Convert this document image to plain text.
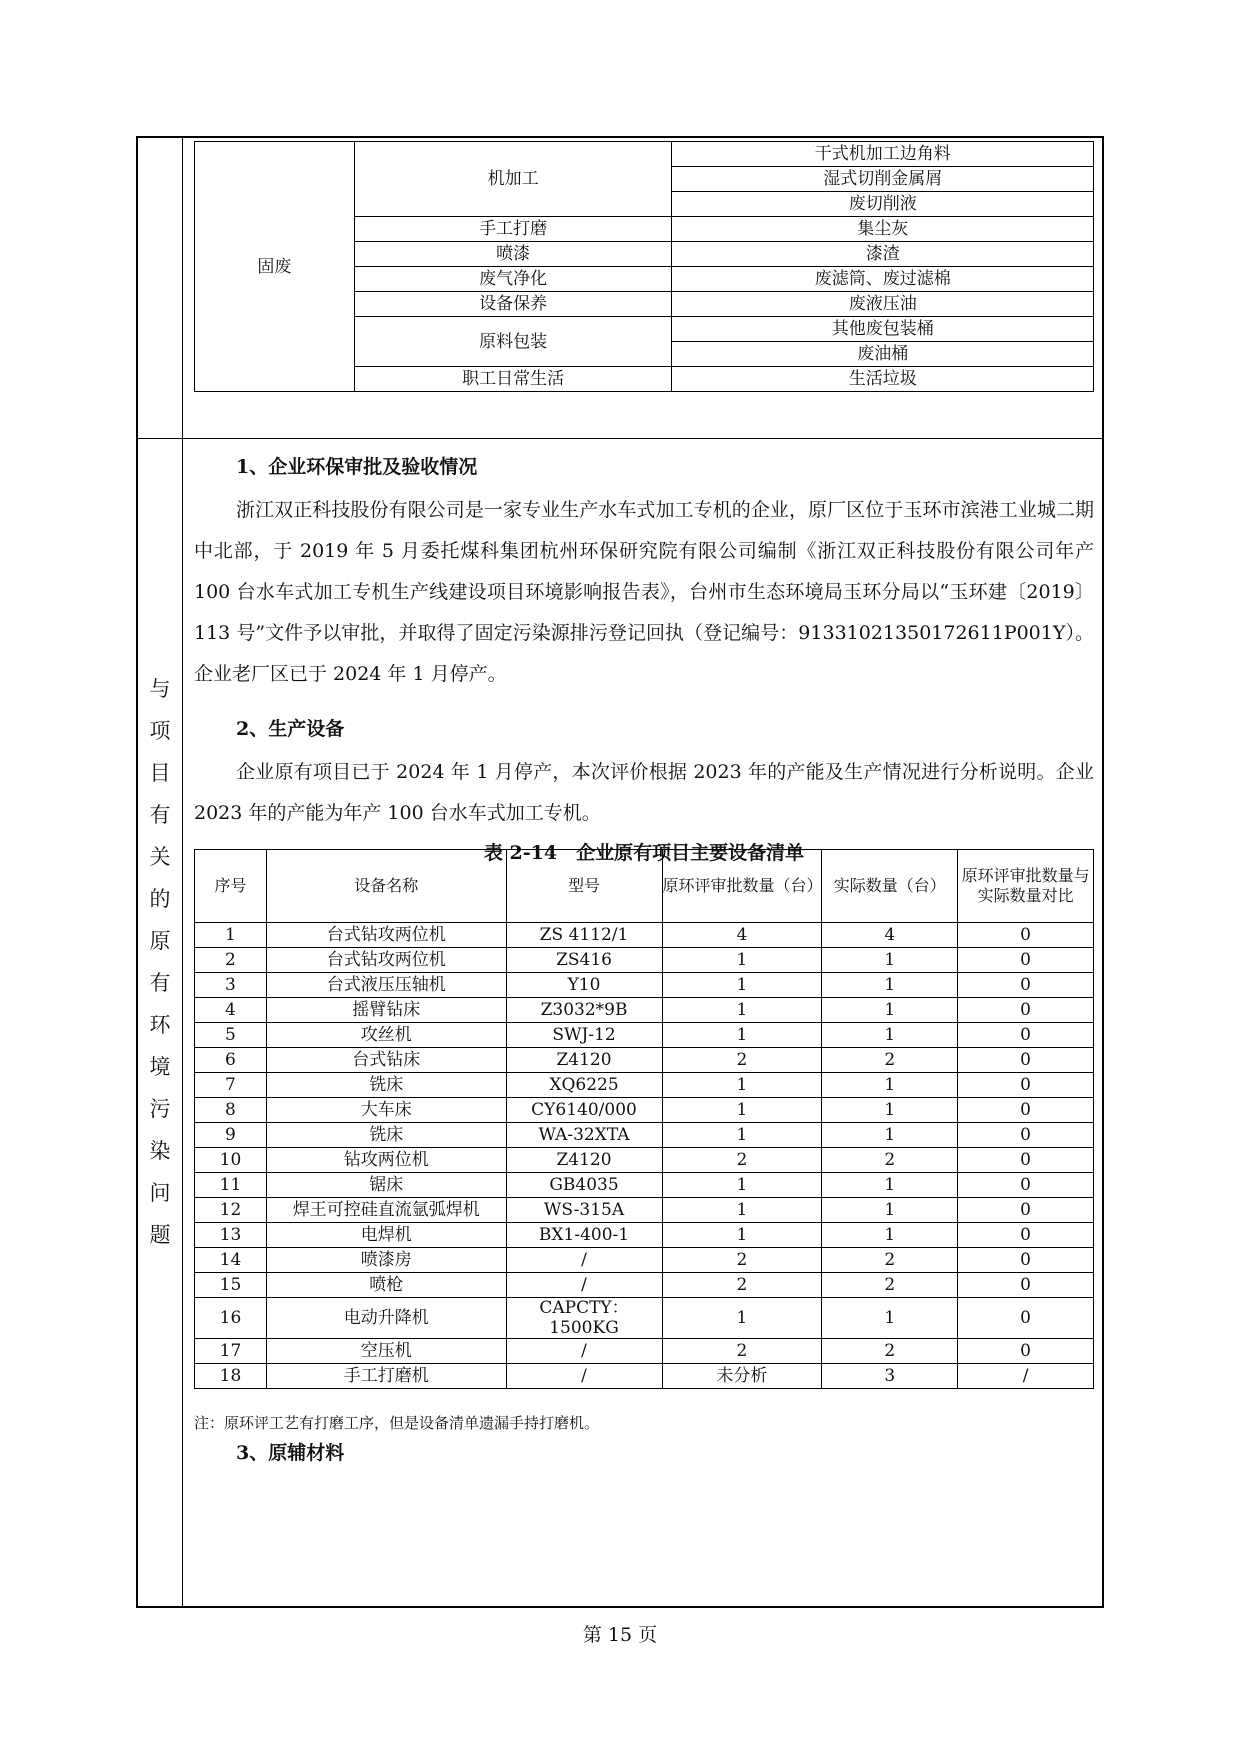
与
项
目
有
关
的
原
有
环
境
污
染
问
题
固废	机加工	干式机加工边角料
		湿式切削金属屑
		废切削液
	手工打磨	集尘灰
	喷漆	漆渣
	废气净化	废滤筒、废过滤棉
	设备保养	废液压油
	原料包装	其他废包装桶
		废油桶
	职工日常生活	生活垃圾

1、企业环保审批及验收情况

浙江双正科技股份有限公司是一家专业生产水车式加工专机的企业，原厂区位于玉环市滨港工业城二期中北部，于 2019 年 5 月委托煤科集团杭州环保研究院有限公司编制《浙江双正科技股份有限公司年产 100 台水车式加工专机生产线建设项目环境影响报告表》，台州市生态环境局玉环分局以“玉环建〔2019〕113 号”文件予以审批，并取得了固定污染源排污登记回执（登记编号：91331021350172611P001Y）。企业老厂区已于 2024 年 1 月停产。

2、生产设备

企业原有项目已于 2024 年 1 月停产，本次评价根据 2023 年的产能及生产情况进行分析说明。企业 2023 年的产能为年产 100 台水车式加工专机。

表 2-14　企业原有项目主要设备清单
序号	设备名称	型号	原环评审批数量（台）	实际数量（台）	原环评审批数量与实际数量对比
1	台式钻攻两位机	ZS 4112/1	4	4	0
2	台式钻攻两位机	ZS416	1	1	0
3	台式液压压轴机	Y10	1	1	0
4	摇臂钻床	Z3032*9B	1	1	0
5	攻丝机	SWJ-12	1	1	0
6	台式钻床	Z4120	2	2	0
7	铣床	XQ6225	1	1	0
8	大车床	CY6140/000	1	1	0
9	铣床	WA-32XTA	1	1	0
10	钻攻两位机	Z4120	2	2	0
11	锯床	GB4035	1	1	0
12	焊王可控硅直流氩弧焊机	WS-315A	1	1	0
13	电焊机	BX1-400-1	1	1	0
14	喷漆房	/	2	2	0
15	喷枪	/	2	2	0
16	电动升降机	CAPCTY：1500KG	1	1	0
17	空压机	/	2	2	0
18	手工打磨机	/	未分析	3	/
注：原环评工艺有打磨工序，但是设备清单遗漏手持打磨机。

3、原辅材料

第 15 页
